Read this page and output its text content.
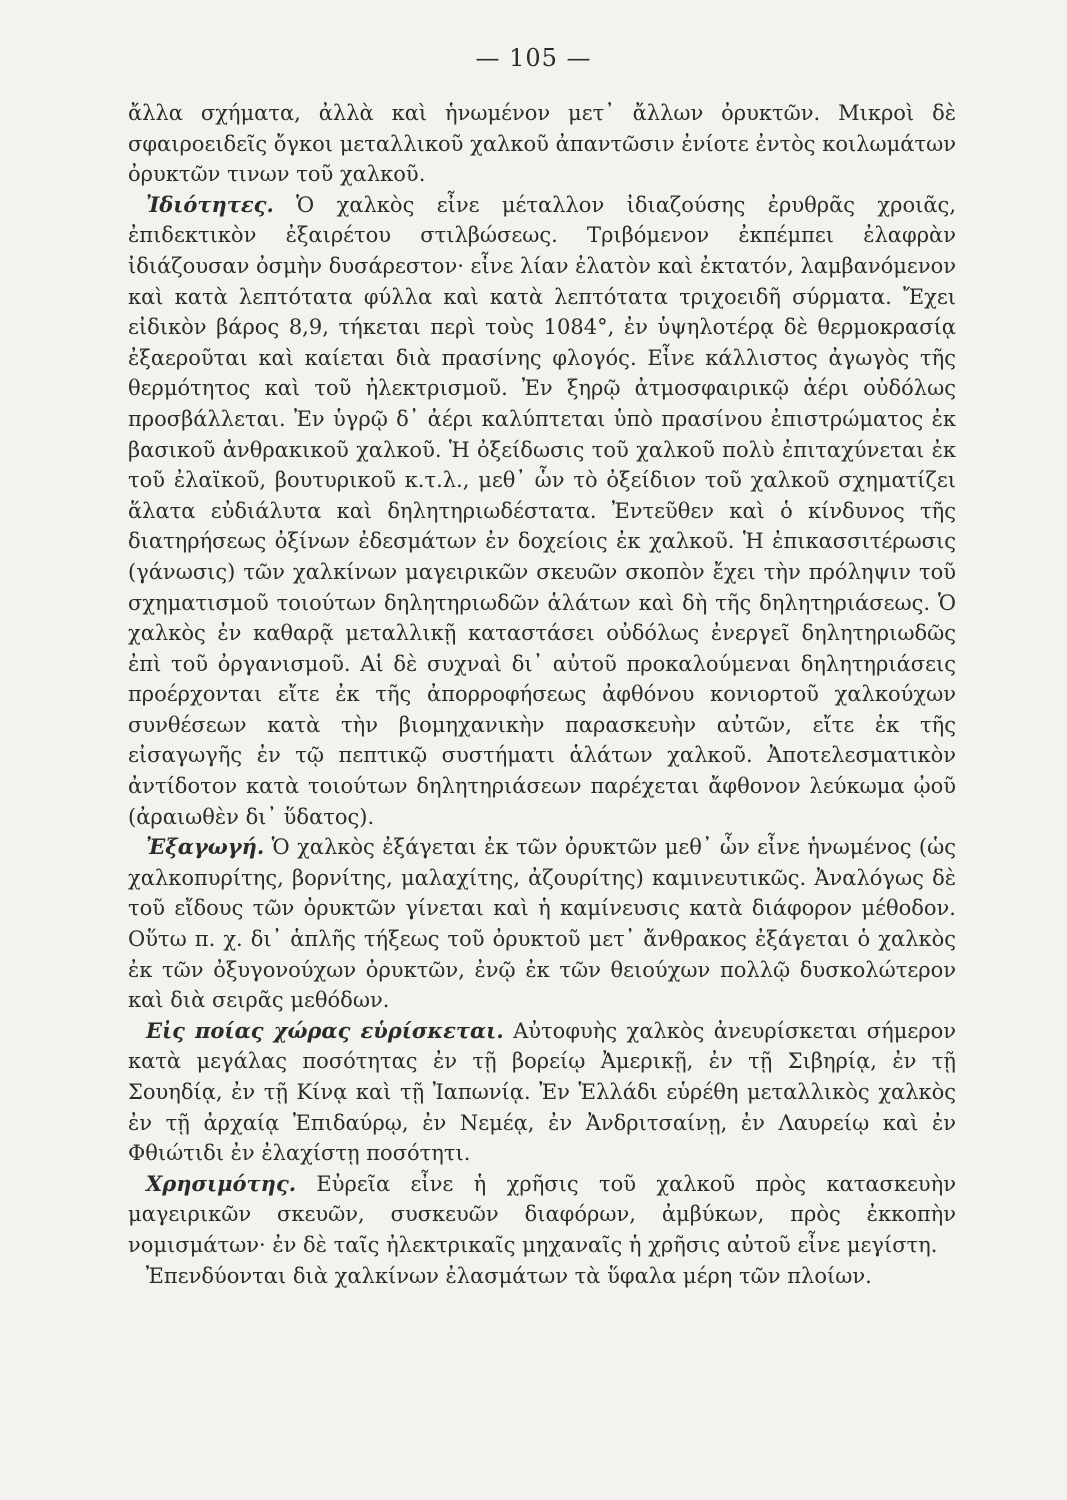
— 105 —

ἄλλα σχήματα, ἀλλὰ καὶ ἡνωμένον μετ᾿ ἄλλων ὀρυκτῶν. Μικροὶ δὲ σφαιροειδεῖς ὄγκοι μεταλλικοῦ χαλκοῦ ἀπαντῶσιν ἐνίοτε ἐντὸς κοιλωμάτων ὀρυκτῶν τινων τοῦ χαλκοῦ.

Ἰδιότητες. Ὁ χαλκὸς εἶνε μέταλλον ἰδιαζούσης ἐρυθρᾶς χροιᾶς, ἐπιδεκτικὸν ἐξαιρέτου στιλβώσεως. Τριβόμενον ἐκπέμπει ἐλαφρὰν ἰδιάζουσαν ὀσμὴν δυσάρεστον· εἶνε λίαν ἐλατὸν καὶ ἐκτατόν, λαμβανόμενον καὶ κατὰ λεπτότατα φύλλα καὶ κατὰ λεπτότατα τριχοειδῆ σύρματα. Ἔχει εἰδικὸν βάρος 8,9, τήκεται περὶ τοὺς 1084°, ἐν ὑψηλοτέρᾳ δὲ θερμοκρασίᾳ ἐξαεροῦται καὶ καίεται διὰ πρασίνης φλογός. Εἶνε κάλλιστος ἀγωγὸς τῆς θερμότητος καὶ τοῦ ἠλεκτρισμοῦ. Ἐν ξηρῷ ἀτμοσφαιρικῷ ἀέρι οὐδόλως προσβάλλεται. Ἐν ὑγρῷ δ᾿ ἀέρι καλύπτεται ὑπὸ πρασίνου ἐπιστρώματος ἐκ βασικοῦ ἀνθρακικοῦ χαλκοῦ. Ἡ ὀξείδωσις τοῦ χαλκοῦ πολὺ ἐπιταχύνεται ἐκ τοῦ ἐλαϊκοῦ, βουτυρικοῦ κ.τ.λ., μεθ᾿ ὧν τὸ ὀξείδιον τοῦ χαλκοῦ σχηματίζει ἅλατα εὐδιάλυτα καὶ δηλητηριωδέστατα. Ἐντεῦθεν καὶ ὁ κίνδυνος τῆς διατηρήσεως ὀξίνων ἐδεσμάτων ἐν δοχείοις ἐκ χαλκοῦ. Ἡ ἐπικασσιτέρωσις (γάνωσις) τῶν χαλκίνων μαγειρικῶν σκευῶν σκοπὸν ἔχει τὴν πρόληψιν τοῦ σχηματισμοῦ τοιούτων δηλητηριωδῶν ἁλάτων καὶ δὴ τῆς δηλητηριάσεως. Ὁ χαλκὸς ἐν καθαρᾷ μεταλλικῇ καταστάσει οὐδόλως ἐνεργεῖ δηλητηριωδῶς ἐπὶ τοῦ ὀργανισμοῦ. Αἱ δὲ συχναὶ δι᾿ αὐτοῦ προκαλούμεναι δηλητηριάσεις προέρχονται εἴτε ἐκ τῆς ἀπορροφήσεως ἀφθόνου κονιορτοῦ χαλκούχων συνθέσεων κατὰ τὴν βιομηχανικὴν παρασκευὴν αὐτῶν, εἴτε ἐκ τῆς εἰσαγωγῆς ἐν τῷ πεπτικῷ συστήματι ἁλάτων χαλκοῦ. Ἀποτελεσματικὸν ἀντίδοτον κατὰ τοιούτων δηλητηριάσεων παρέχεται ἄφθονον λεύκωμα ᾠοῦ (ἀραιωθὲν δι᾿ ὕδατος).

Ἐξαγωγή. Ὁ χαλκὸς ἐξάγεται ἐκ τῶν ὀρυκτῶν μεθ᾿ ὧν εἶνε ἡνωμένος (ὡς χαλκοπυρίτης, βορνίτης, μαλαχίτης, ἀζουρίτης) καμινευτικῶς. Ἀναλόγως δὲ τοῦ εἴδους τῶν ὀρυκτῶν γίνεται καὶ ἡ καμίνευσις κατὰ διάφορον μέθοδον. Οὕτω π. χ. δι᾿ ἁπλῆς τήξεως τοῦ ὀρυκτοῦ μετ᾿ ἄνθρακος ἐξάγεται ὁ χαλκὸς ἐκ τῶν ὀξυγονούχων ὀρυκτῶν, ἐνῷ ἐκ τῶν θειούχων πολλῷ δυσκολώτερον καὶ διὰ σειρᾶς μεθόδων.

Εἰς ποίας χώρας εὑρίσκεται. Αὐτοφυὴς χαλκὸς ἀνευρίσκεται σήμερον κατὰ μεγάλας ποσότητας ἐν τῇ βορείῳ Ἀμερικῇ, ἐν τῇ Σιβηρίᾳ, ἐν τῇ Σουηδίᾳ, ἐν τῇ Κίνᾳ καὶ τῇ Ἰαπωνίᾳ. Ἐν Ἑλλάδι εὑρέθη μεταλλικὸς χαλκὸς ἐν τῇ ἀρχαίᾳ Ἐπιδαύρῳ, ἐν Νεμέᾳ, ἐν Ἀνδριτσαίνῃ, ἐν Λαυρείῳ καὶ ἐν Φθιώτιδι ἐν ἐλαχίστῃ ποσότητι.

Χρησιμότης. Εὐρεῖα εἶνε ἡ χρῆσις τοῦ χαλκοῦ πρὸς κατασκευὴν μαγειρικῶν σκευῶν, συσκευῶν διαφόρων, ἀμβύκων, πρὸς ἐκκοπὴν νομισμάτων· ἐν δὲ ταῖς ἠλεκτρικαῖς μηχαναῖς ἡ χρῆσις αὐτοῦ εἶνε μεγίστη.

Ἐπενδύονται διὰ χαλκίνων ἐλασμάτων τὰ ὕφαλα μέρη τῶν πλοίων.
